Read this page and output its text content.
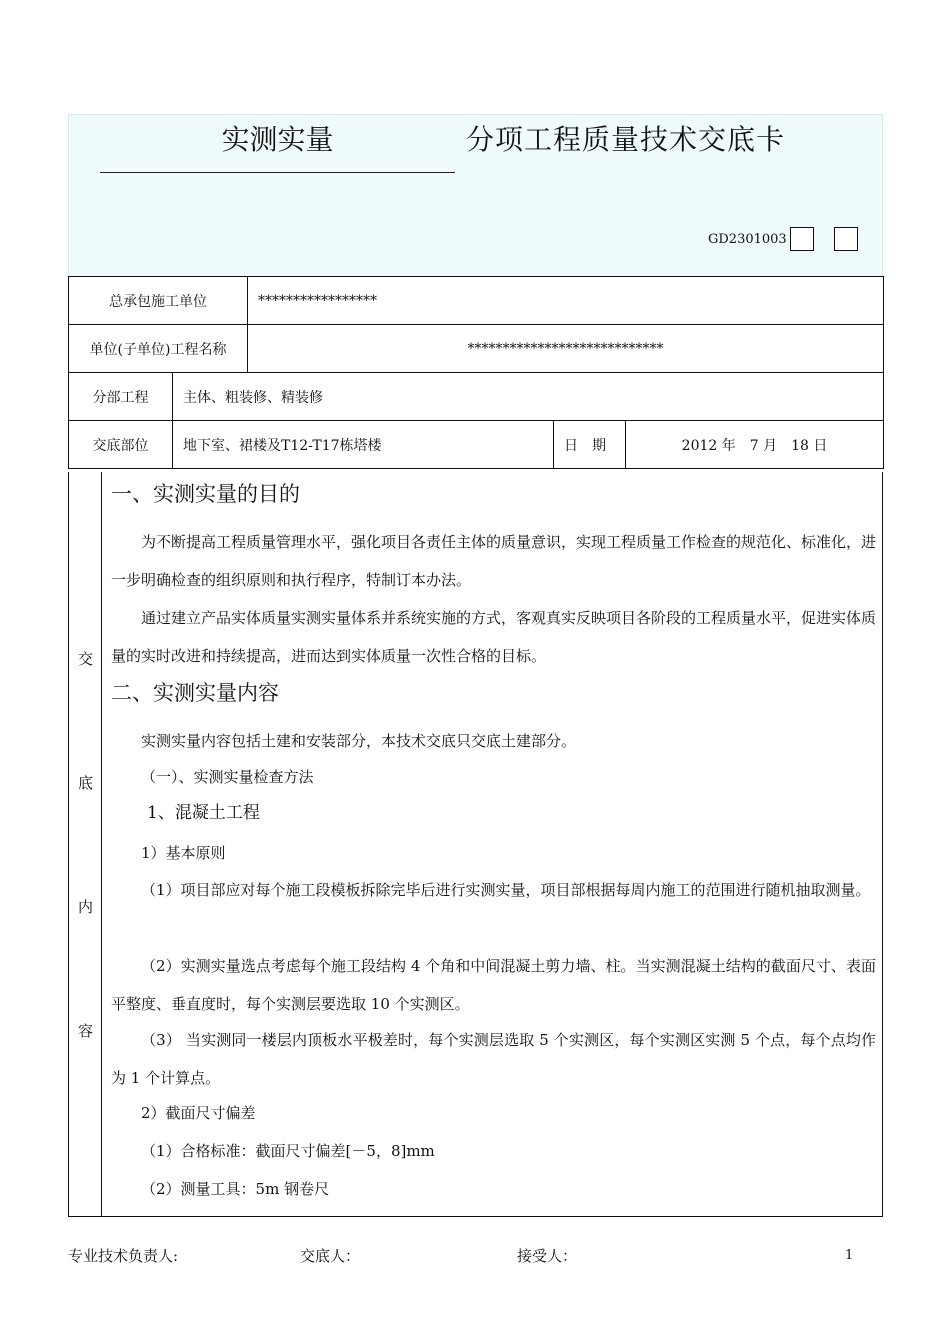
实测实量	分项工程质量技术交底卡
GD2301003
总承包施工单位		*****************		
单位(子单位)工程名称		****************************		
分部工程	主体、粗装修、精装修			
交底部位	地下室、裙楼及T12-T17栋塔楼		日　期	2012 年　7 月　18 日
交
底
内
容
一、实测实量的目的
为不断提高工程质量管理水平，强化项目各责任主体的质量意识，实现工程质量工作检查的规范化、标准化，进一步明确检查的组织原则和执行程序，特制订本办法。
通过建立产品实体质量实测实量体系并系统实施的方式，客观真实反映项目各阶段的工程质量水平，促进实体质量的实时改进和持续提高，进而达到实体质量一次性合格的目标。
二、实测实量内容
实测实量内容包括土建和安装部分，本技术交底只交底土建部分。
（一）、实测实量检查方法
1、混凝土工程
1）基本原则
（1）项目部应对每个施工段模板拆除完毕后进行实测实量，项目部根据每周内施工的范围进行随机抽取测量。
（2）实测实量选点考虑每个施工段结构 4 个角和中间混凝土剪力墙、柱。当实测混凝土结构的截面尺寸、表面平整度、垂直度时，每个实测层要选取 10 个实测区。
（3） 当实测同一楼层内顶板水平极差时，每个实测层选取 5 个实测区，每个实测区实测 5 个点，每个点均作为 1 个计算点。
2）截面尺寸偏差
（1）合格标准：截面尺寸偏差[－5，8]mm
（2）测量工具：5m 钢卷尺
专业技术负责人:	交底人：	接受人：	1
